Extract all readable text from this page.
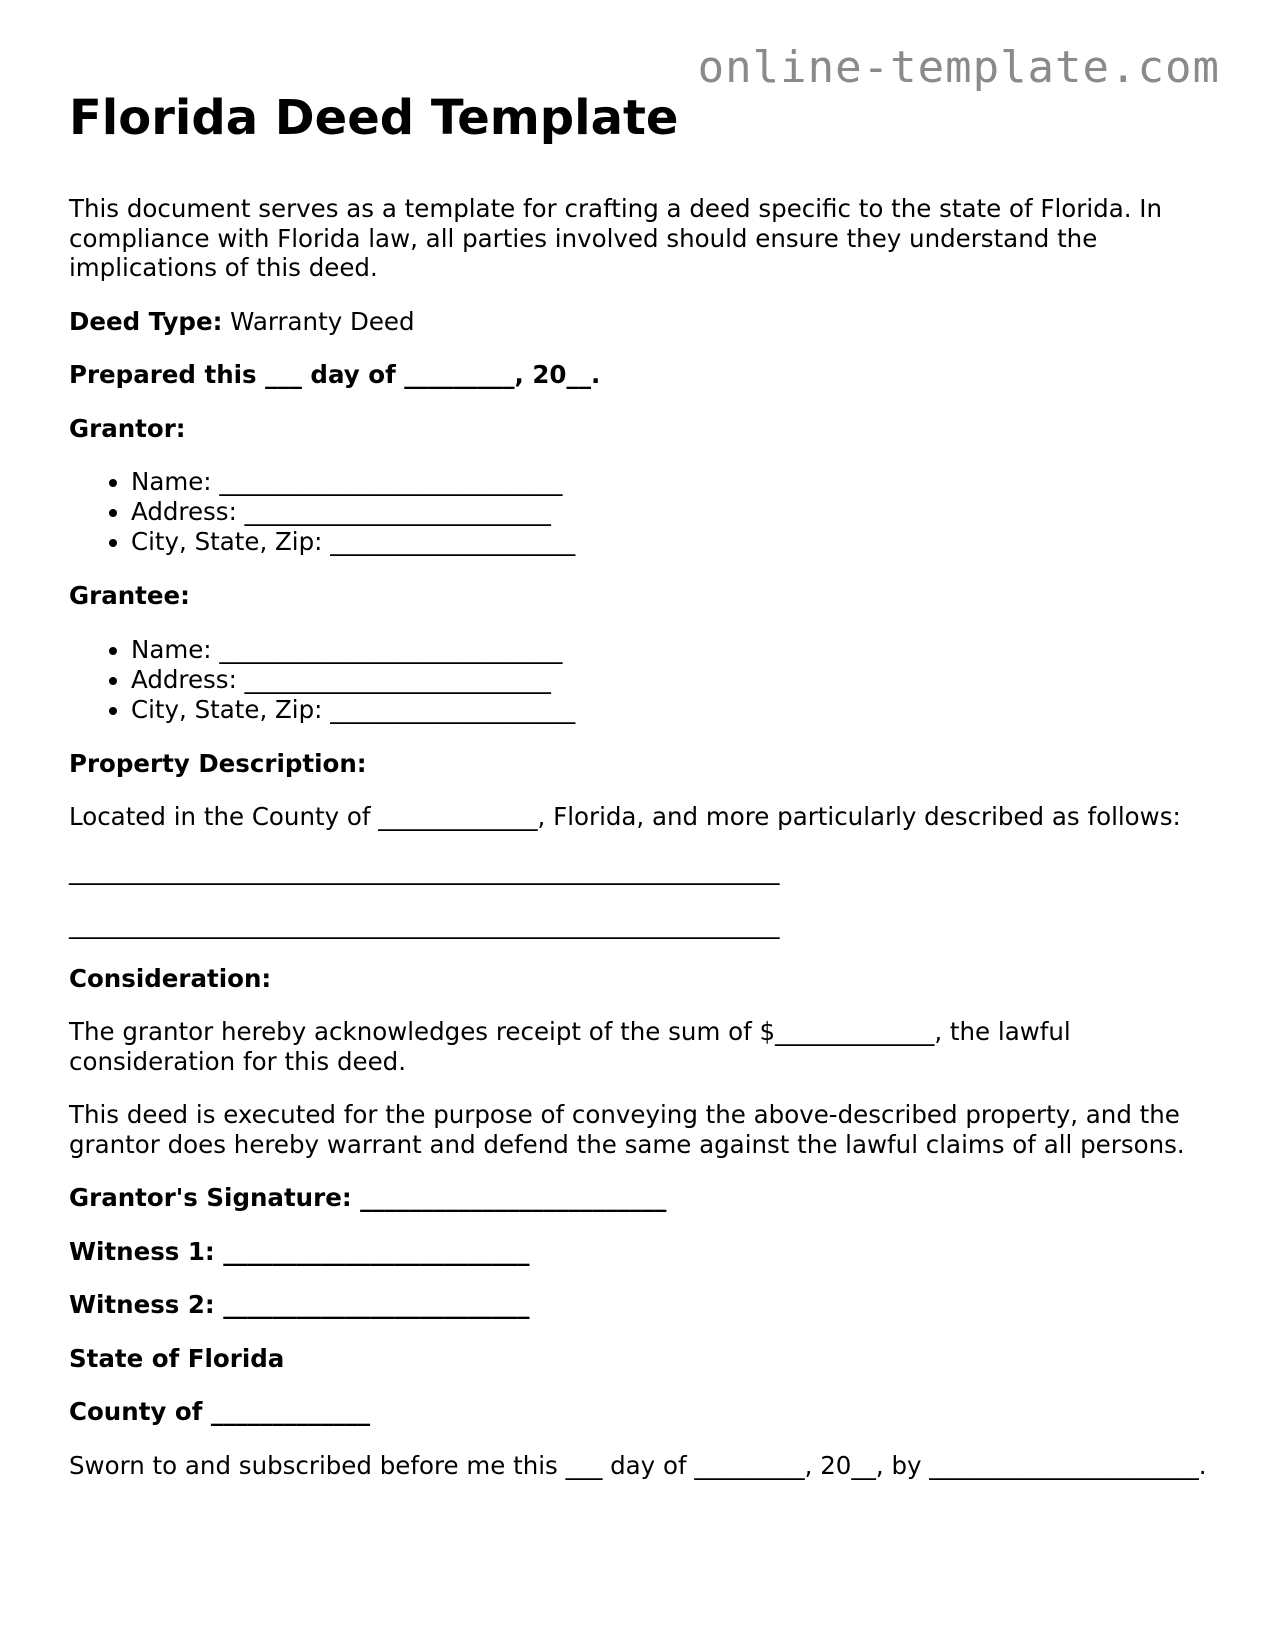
online-template.com
Florida Deed Template

This document serves as a template for crafting a deed specific to the state of Florida. In compliance with Florida law, all parties involved should ensure they understand the implications of this deed.

Deed Type: Warranty Deed

Prepared this ___ day of _________, 20__.

Grantor:

• Name: ____________________________
• Address: _________________________
• City, State, Zip: ____________________

Grantee:

• Name: ____________________________
• Address: _________________________
• City, State, Zip: ____________________

Property Description:

Located in the County of _____________, Florida, and more particularly described as follows:

__________________________________________________________
__________________________________________________________

Consideration:

The grantor hereby acknowledges receipt of the sum of $_____________, the lawful consideration for this deed.

This deed is executed for the purpose of conveying the above-described property, and the grantor does hereby warrant and defend the same against the lawful claims of all persons.

Grantor's Signature: _________________________

Witness 1: _________________________

Witness 2: _________________________

State of Florida

County of _____________

Sworn to and subscribed before me this ___ day of _________, 20__, by ______________________.
